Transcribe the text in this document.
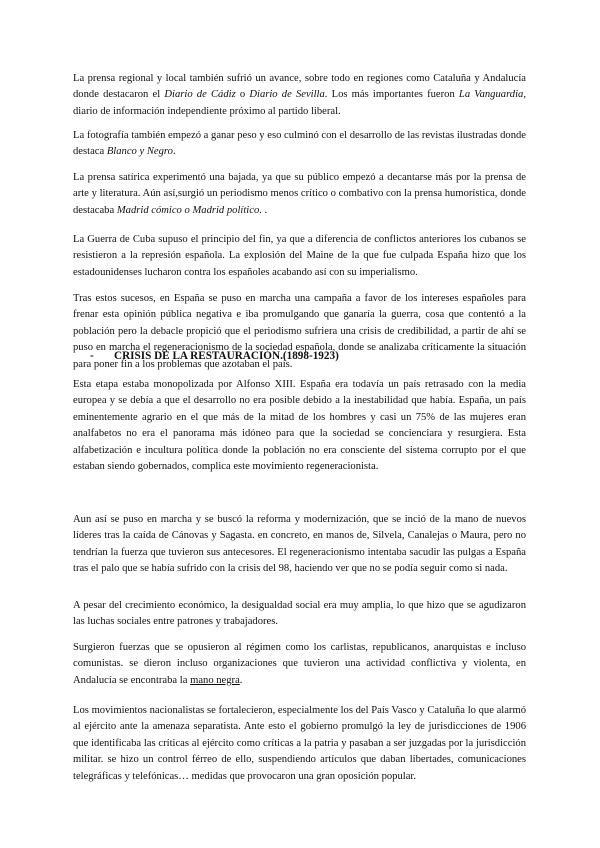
La prensa regional y local también sufrió un avance, sobre todo en regiones como Cataluña y Andalucía donde destacaron el Diario de Cádiz o Diario de Sevilla. Los más importantes fueron La Vanguardia, diario de información independiente próximo al partido liberal.

La fotografía también empezó a ganar peso y eso culminó con el desarrollo de las revistas ilustradas donde destaca Blanco y Negro.

La prensa satírica experimentó una bajada, ya que su público empezó a decantarse más por la prensa de arte y literatura. Aún así,surgió un periodismo menos crítico o combativo con la prensa humorística, donde destacaba Madrid cómico o Madrid político. .

La Guerra de Cuba supuso el principio del fin, ya que a diferencia de conflictos anteriores los cubanos se resistieron a la represión española. La explosión del Maine de la que fue culpada España hizo que los estadounidenses lucharon contra los españoles acabando así con su imperialismo.

Tras estos sucesos, en España se puso en marcha una campaña a favor de los intereses españoles para frenar esta opinión pública negativa e iba promulgando que ganaría la guerra, cosa que contentó a la población pero la debacle propició que el periodismo sufriera una crisis de credibilidad, a partir de ahí se puso en marcha el regeneracionismo de la sociedad española, donde se analizaba críticamente la situación para poner fin a los problemas que azotaban el país.

- CRISIS DE LA RESTAURACIÓN.(1898-1923)

Esta etapa estaba monopolizada por Alfonso XIII. España era todavía un país retrasado con la media europea y se debía a que el desarrollo no era posible debido a la inestabilidad que había. España, un país eminentemente agrario en el que más de la mitad de los hombres y casi un 75% de las mujeres eran analfabetos no era el panorama más idóneo para que la sociedad se concienciara y resurgiera. Esta alfabetización e incultura política donde la población no era consciente del sistema corrupto por el que estaban siendo gobernados, complica este movimiento regeneracionista.

Aun así se puso en marcha y se buscó la reforma y modernización, que se inció de la mano de nuevos líderes tras la caída de Cánovas y Sagasta. en concreto, en manos de, Silvela, Canalejas o Maura, pero no tendrían la fuerza que tuvieron sus antecesores. El regeneracionismo intentaba sacudir las pulgas a España tras el palo que se había sufrido con la crisis del 98, haciendo ver que no se podía seguir como si nada.

A pesar del crecimiento económico, la desigualdad social era muy amplia, lo que hizo que se agudizaron las luchas sociales entre patrones y trabajadores.

Surgieron fuerzas que se opusieron al régimen como los carlistas, republicanos, anarquistas e incluso comunistas. se dieron incluso organizaciones que tuvieron una actividad conflictiva y violenta, en Andalucía se encontraba la mano negra.

Los movimientos nacionalistas se fortalecieron, especialmente los del País Vasco y Cataluña lo que alarmó al ejército ante la amenaza separatista. Ante esto el gobierno promulgó la ley de jurisdicciones de 1906 que identificaba las críticas al ejército como críticas a la patria y pasaban a ser juzgadas por la jurisdicción militar. se hizo un control férreo de ello, suspendiendo artículos que daban libertades, comunicaciones telegráficas y telefónicas… medidas que provocaron una gran oposición popular.
